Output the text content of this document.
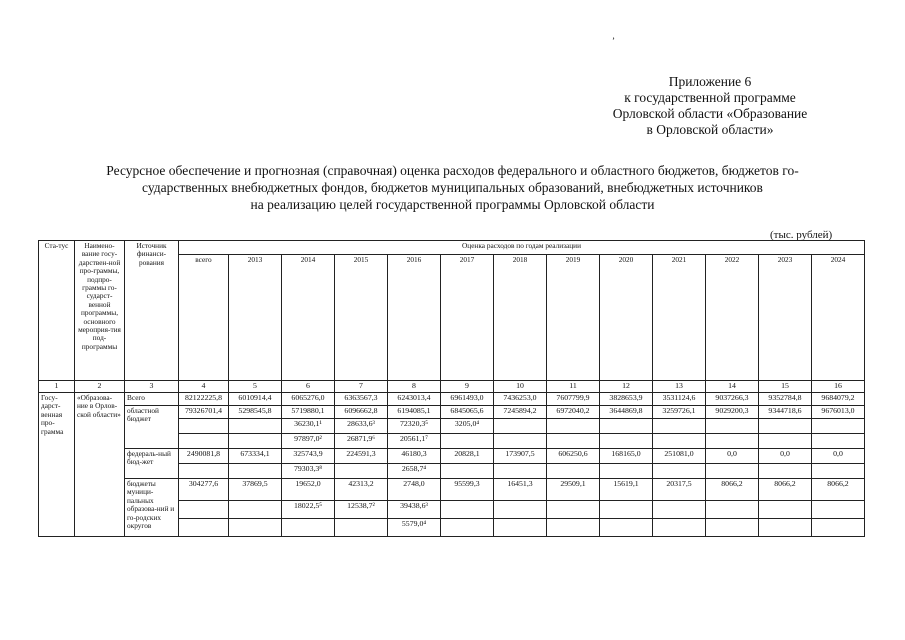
’
Приложение 6
к государственной программе
Орловской области «Образование
в Орловской области»
Ресурсное обеспечение и прогнозная (справочная) оценка расходов федерального и областного бюджетов, бюджетов го-
сударственных внебюджетных фондов, бюджетов муниципальных образований, внебюджетных источников
на реализацию целей государственной программы Орловской области
(тыс. рублей)
Ста-тус	Наимено-вание госу-дарствен-ной про-граммы, подпро-граммы го-сударст-венной программы, основного мероприя-тия под-программы	Источник финанси-рования	Оценка расходов по годам реализации												
			всего	2013	2014	2015	2016	2017	2018	2019	2020	2021	2022	2023	2024
1	2	3	4	5	6	7	8	9	10	11	12	13	14	15	16
Госу-дарст-венная про-грамма	«Образова-ние в Орлов-ской области»	Всего	82122225,8	6010914,4	6065276,0	6363567,3	6243013,4	6961493,0	7436253,0	7607799,9	3828653,9	3531124,6	9037266,3	9352784,8	9684079,2
		областной бюджет	79326701,4	5298545,8	5719880,1	6096662,8	6194085,1	6845065,6	7245894,2	6972040,2	3644869,8	3259726,1	9029200,3	9344718,6	9676013,0
					36230,1¹	28633,6³	72320,3⁵	3205,0⁴							
					97897,0²	26871,9⁶	20561,1⁷								
		федераль-ный бюд-жет	2490081,8	673334,1	325743,9	224591,3	46180,3	20828,1	173907,5	606250,6	168165,0	251081,0	0,0	0,0	0,0
					79303,3⁸		2658,7⁴								
		бюджеты муници-пальных образова-ний и го-родских округов	304277,6	37869,5	19652,0	42313,2	2748,0	95599,3	16451,3	29509,1	15619,1	20317,5	8066,2	8066,2	8066,2
					18022,5⁵	12538,7²	39438,6³								
							5579,0⁴								
